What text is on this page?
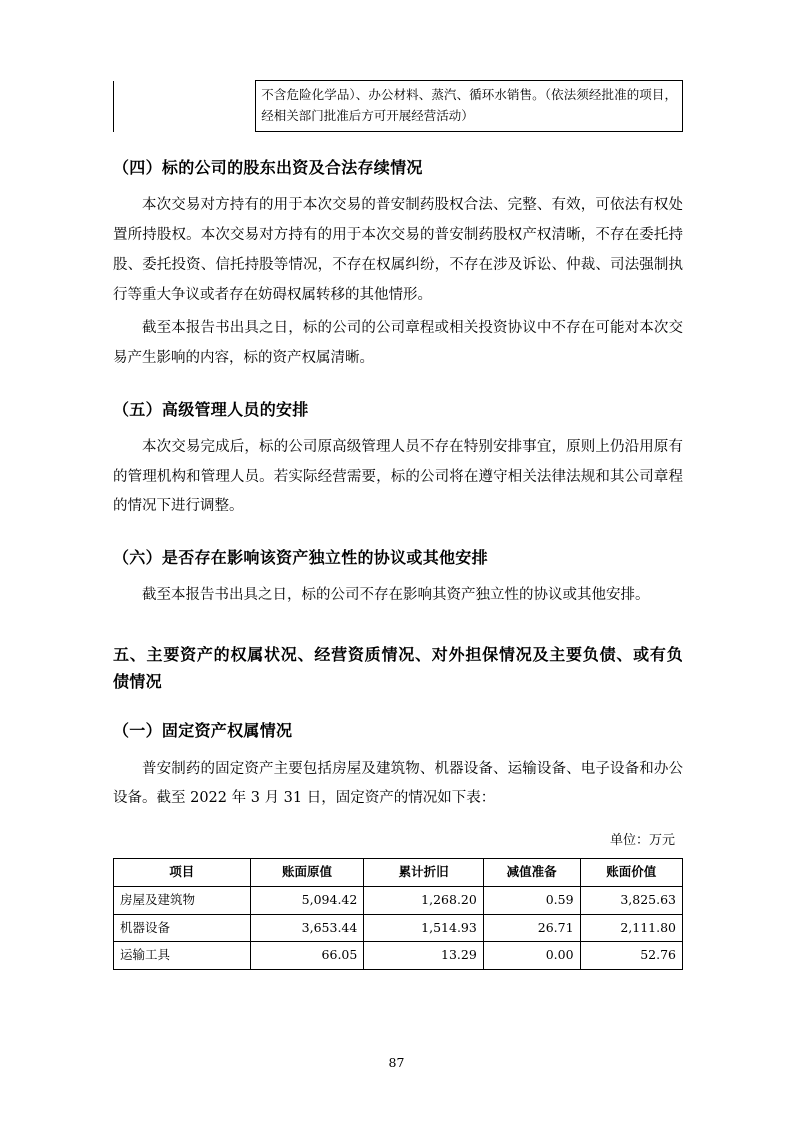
不含危险化学品）、办公材料、蒸汽、循环水销售。（依法须经批准的项目，经相关部门批准后方可开展经营活动）
（四）标的公司的股东出资及合法存续情况

本次交易对方持有的用于本次交易的普安制药股权合法、完整、有效，可依法有权处置所持股权。本次交易对方持有的用于本次交易的普安制药股权产权清晰，不存在委托持股、委托投资、信托持股等情况，不存在权属纠纷，不存在涉及诉讼、仲裁、司法强制执行等重大争议或者存在妨碍权属转移的其他情形。

截至本报告书出具之日，标的公司的公司章程或相关投资协议中不存在可能对本次交易产生影响的内容，标的资产权属清晰。

（五）高级管理人员的安排

本次交易完成后，标的公司原高级管理人员不存在特别安排事宜，原则上仍沿用原有的管理机构和管理人员。若实际经营需要，标的公司将在遵守相关法律法规和其公司章程的情况下进行调整。

（六）是否存在影响该资产独立性的协议或其他安排

截至本报告书出具之日，标的公司不存在影响其资产独立性的协议或其他安排。

五、主要资产的权属状况、经营资质情况、对外担保情况及主要负债、或有负债情况
（一）固定资产权属情况

普安制药的固定资产主要包括房屋及建筑物、机器设备、运输设备、电子设备和办公设备。截至 2022 年 3 月 31 日，固定资产的情况如下表：

单位：万元

项目	账面原值	累计折旧	减值准备	账面价值
房屋及建筑物	5,094.42	1,268.20	0.59	3,825.63
机器设备	3,653.44	1,514.93	26.71	2,111.80
运输工具	66.05	13.29	0.00	52.76
87
